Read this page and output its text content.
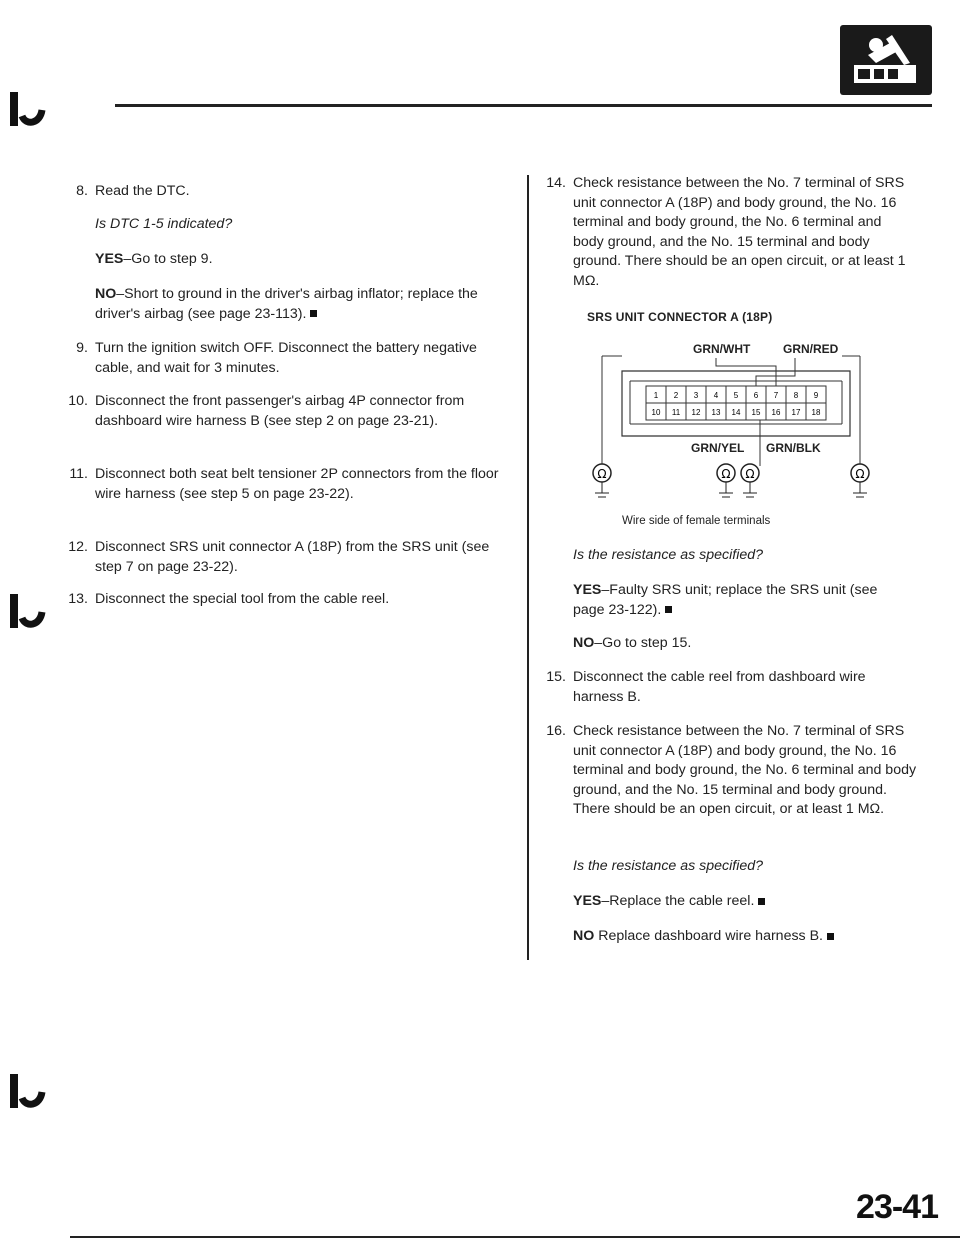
8. Read the DTC.
Is DTC 1-5 indicated?
YES–Go to step 9.
NO–Short to ground in the driver's airbag inflator; replace the driver's airbag (see page 23-113).
9. Turn the ignition switch OFF. Disconnect the battery negative cable, and wait for 3 minutes.
10. Disconnect the front passenger's airbag 4P connector from dashboard wire harness B (see step 2 on page 23-21).
11. Disconnect both seat belt tensioner 2P connectors from the floor wire harness (see step 5 on page 23-22).
12. Disconnect SRS unit connector A (18P) from the SRS unit (see step 7 on page 23-22).
13. Disconnect the special tool from the cable reel.
14. Check resistance between the No. 7 terminal of SRS unit connector A (18P) and body ground, the No. 16 terminal and body ground, the No. 6 terminal and body ground, and the No. 15 terminal and body ground. There should be an open circuit, or at least 1 MΩ.
SRS UNIT CONNECTOR A (18P)
GRN/WHT	GRN/RED
1 2 3 4 5 6 7 8 9
10 11 12 13 14 15 16 17 18
GRN/YEL GRN/BLK
Ω	Ω Ω	Ω
Wire side of female terminals
Is the resistance as specified?
YES–Faulty SRS unit; replace the SRS unit (see page 23-122).
NO–Go to step 15.
15. Disconnect the cable reel from dashboard wire harness B.
16. Check resistance between the No. 7 terminal of SRS unit connector A (18P) and body ground, the No. 16 terminal and body ground, the No. 6 terminal and body ground, and the No. 15 terminal and body ground. There should be an open circuit, or at least 1 MΩ.
Is the resistance as specified?
YES–Replace the cable reel.
NO Replace dashboard wire harness B.
23-41
